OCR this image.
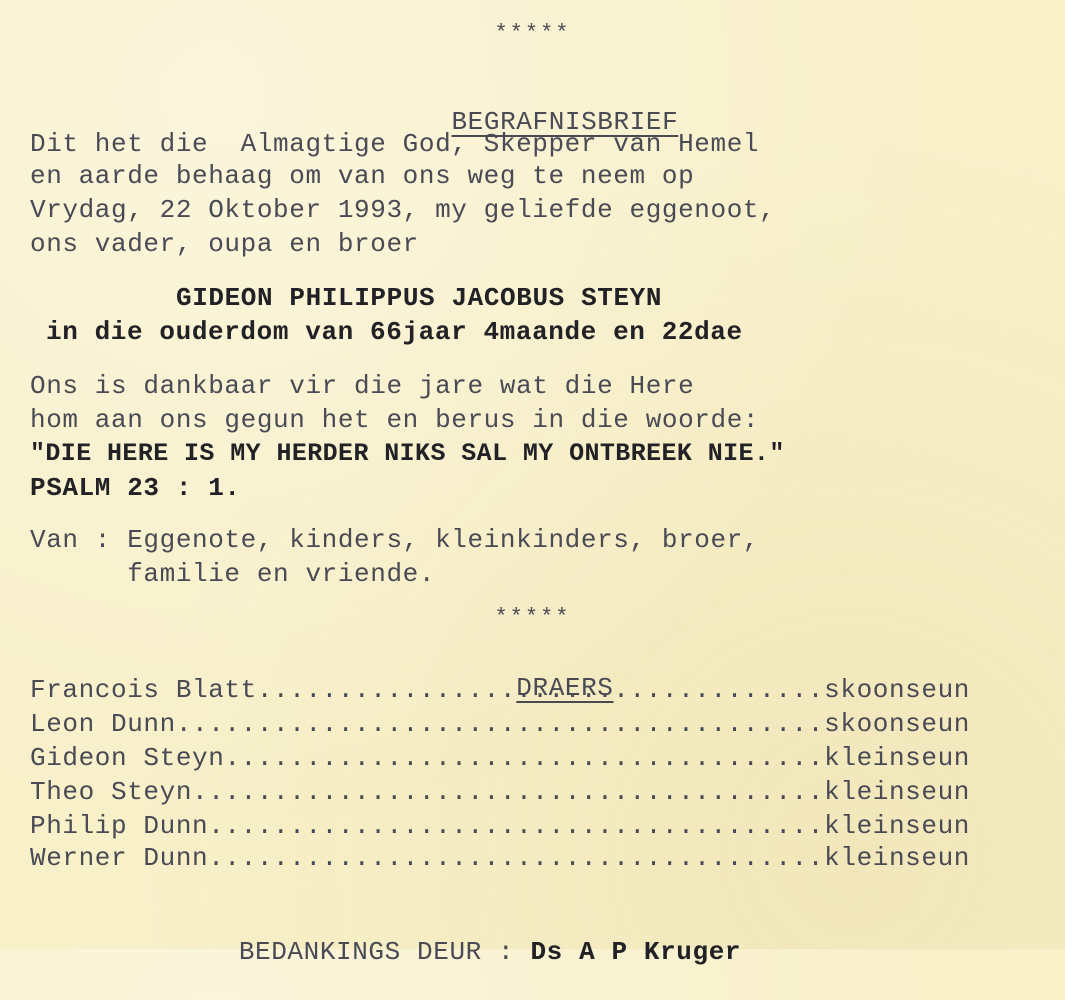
*****

BEGRAFNISBRIEF

Dit het die  Almagtige God, Skepper van Hemel
en aarde behaag om van ons weg te neem op
Vrydag, 22 Oktober 1993, my geliefde eggenoot,
ons vader, oupa en broer
GIDEON PHILIPPUS JACOBUS STEYN
in die ouderdom van 66jaar 4maande en 22dae
Ons is dankbaar vir die jare wat die Here
hom aan ons gegun het en berus in die woorde:
"DIE HERE IS MY HERDER NIKS SAL MY ONTBREEK NIE."
PSALM 23 : 1.
Van : Eggenote, kinders, kleinkinders, broer,
familie en vriende.
*****

DRAERS

Francois Blatt .....	skoonseun
Leon Dunn .....	skoonseun
Gideon Steyn .....	kleinseun
Theo Steyn .....	kleinseun
Philip Dunn .....	kleinseun
Werner Dunn .....	kleinseun

BEDANKINGS DEUR : Ds A P Kruger
